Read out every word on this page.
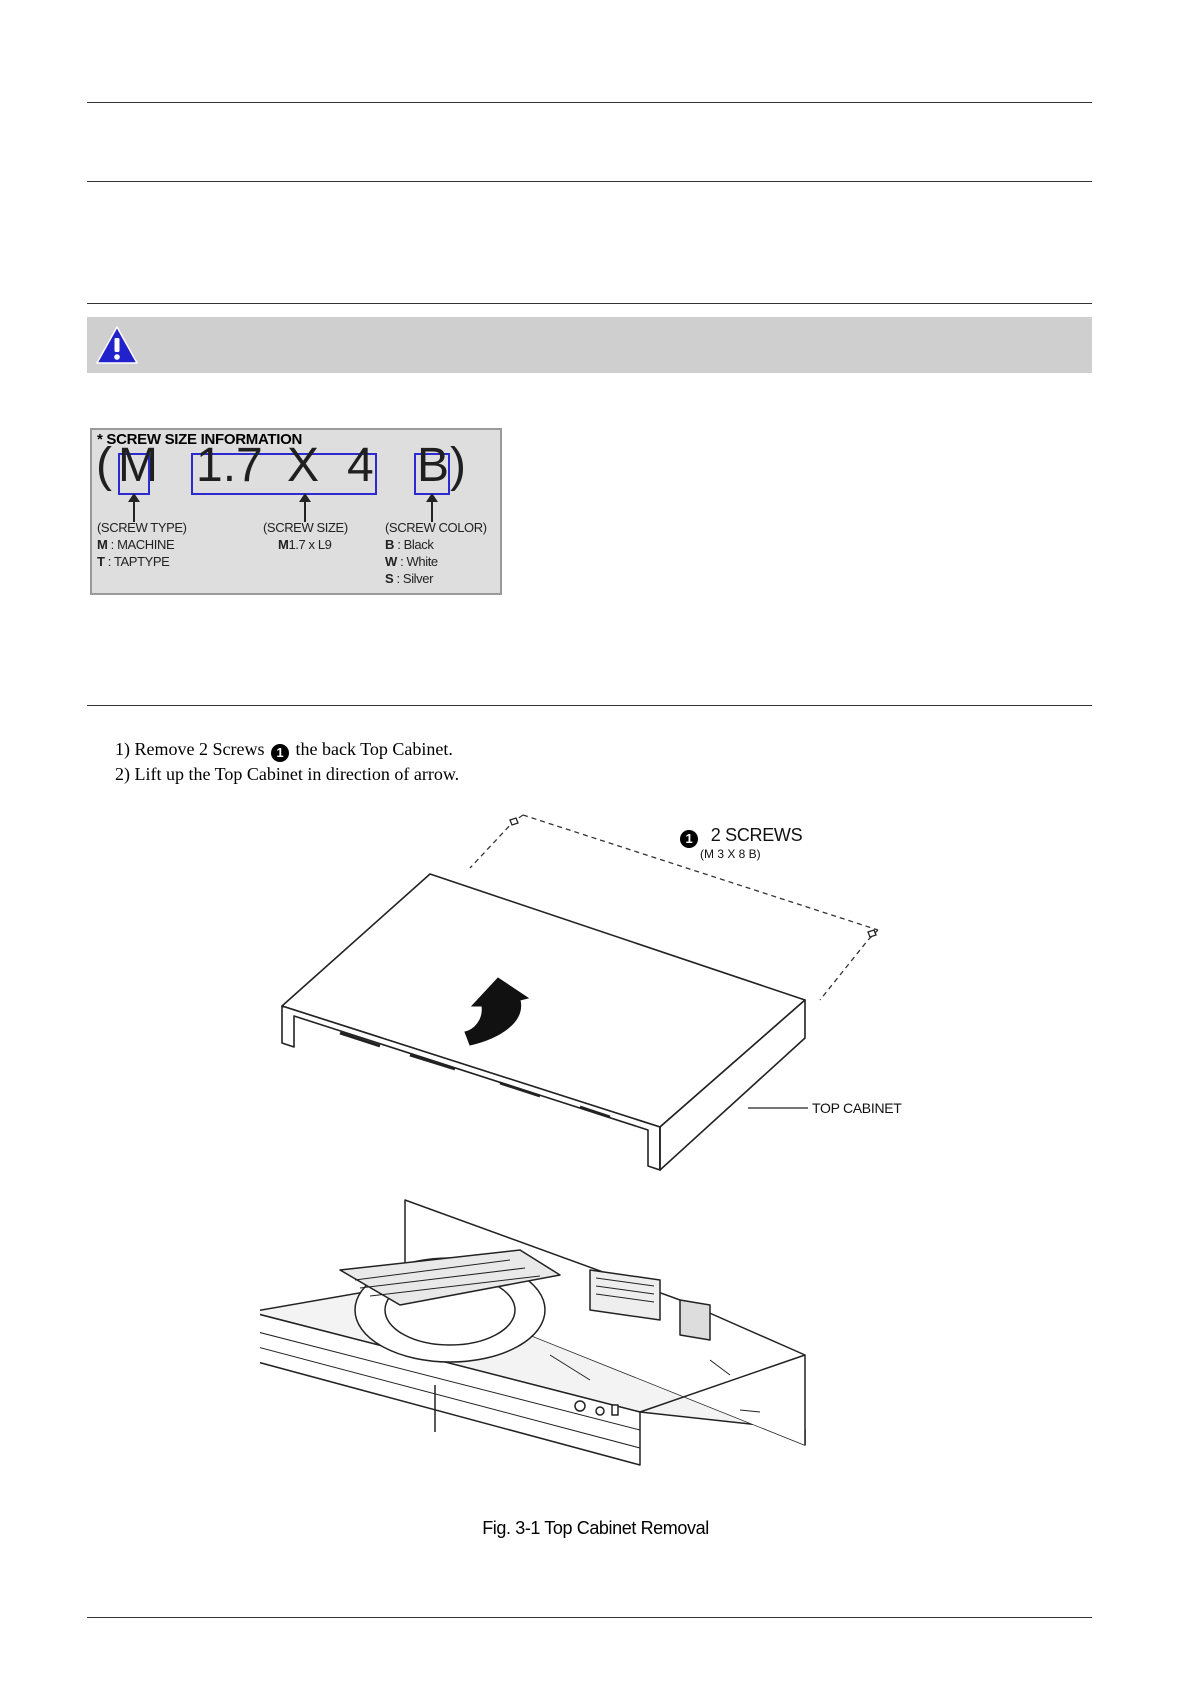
* SCREW SIZE INFORMATION
( M 1.7 X 4 B )
(SCREW TYPE)
M : MACHINE
T : TAPTYPE
(SCREW SIZE)
M1.7 x L9
(SCREW COLOR)
B : Black
W : White
S : Silver
1) Remove 2 Screws 1 the back Top Cabinet.
2) Lift up the Top Cabinet in direction of arrow.
1 2 SCREWS
(M 3 X 8 B)
TOP CABINET
Fig. 3-1 Top Cabinet Removal
